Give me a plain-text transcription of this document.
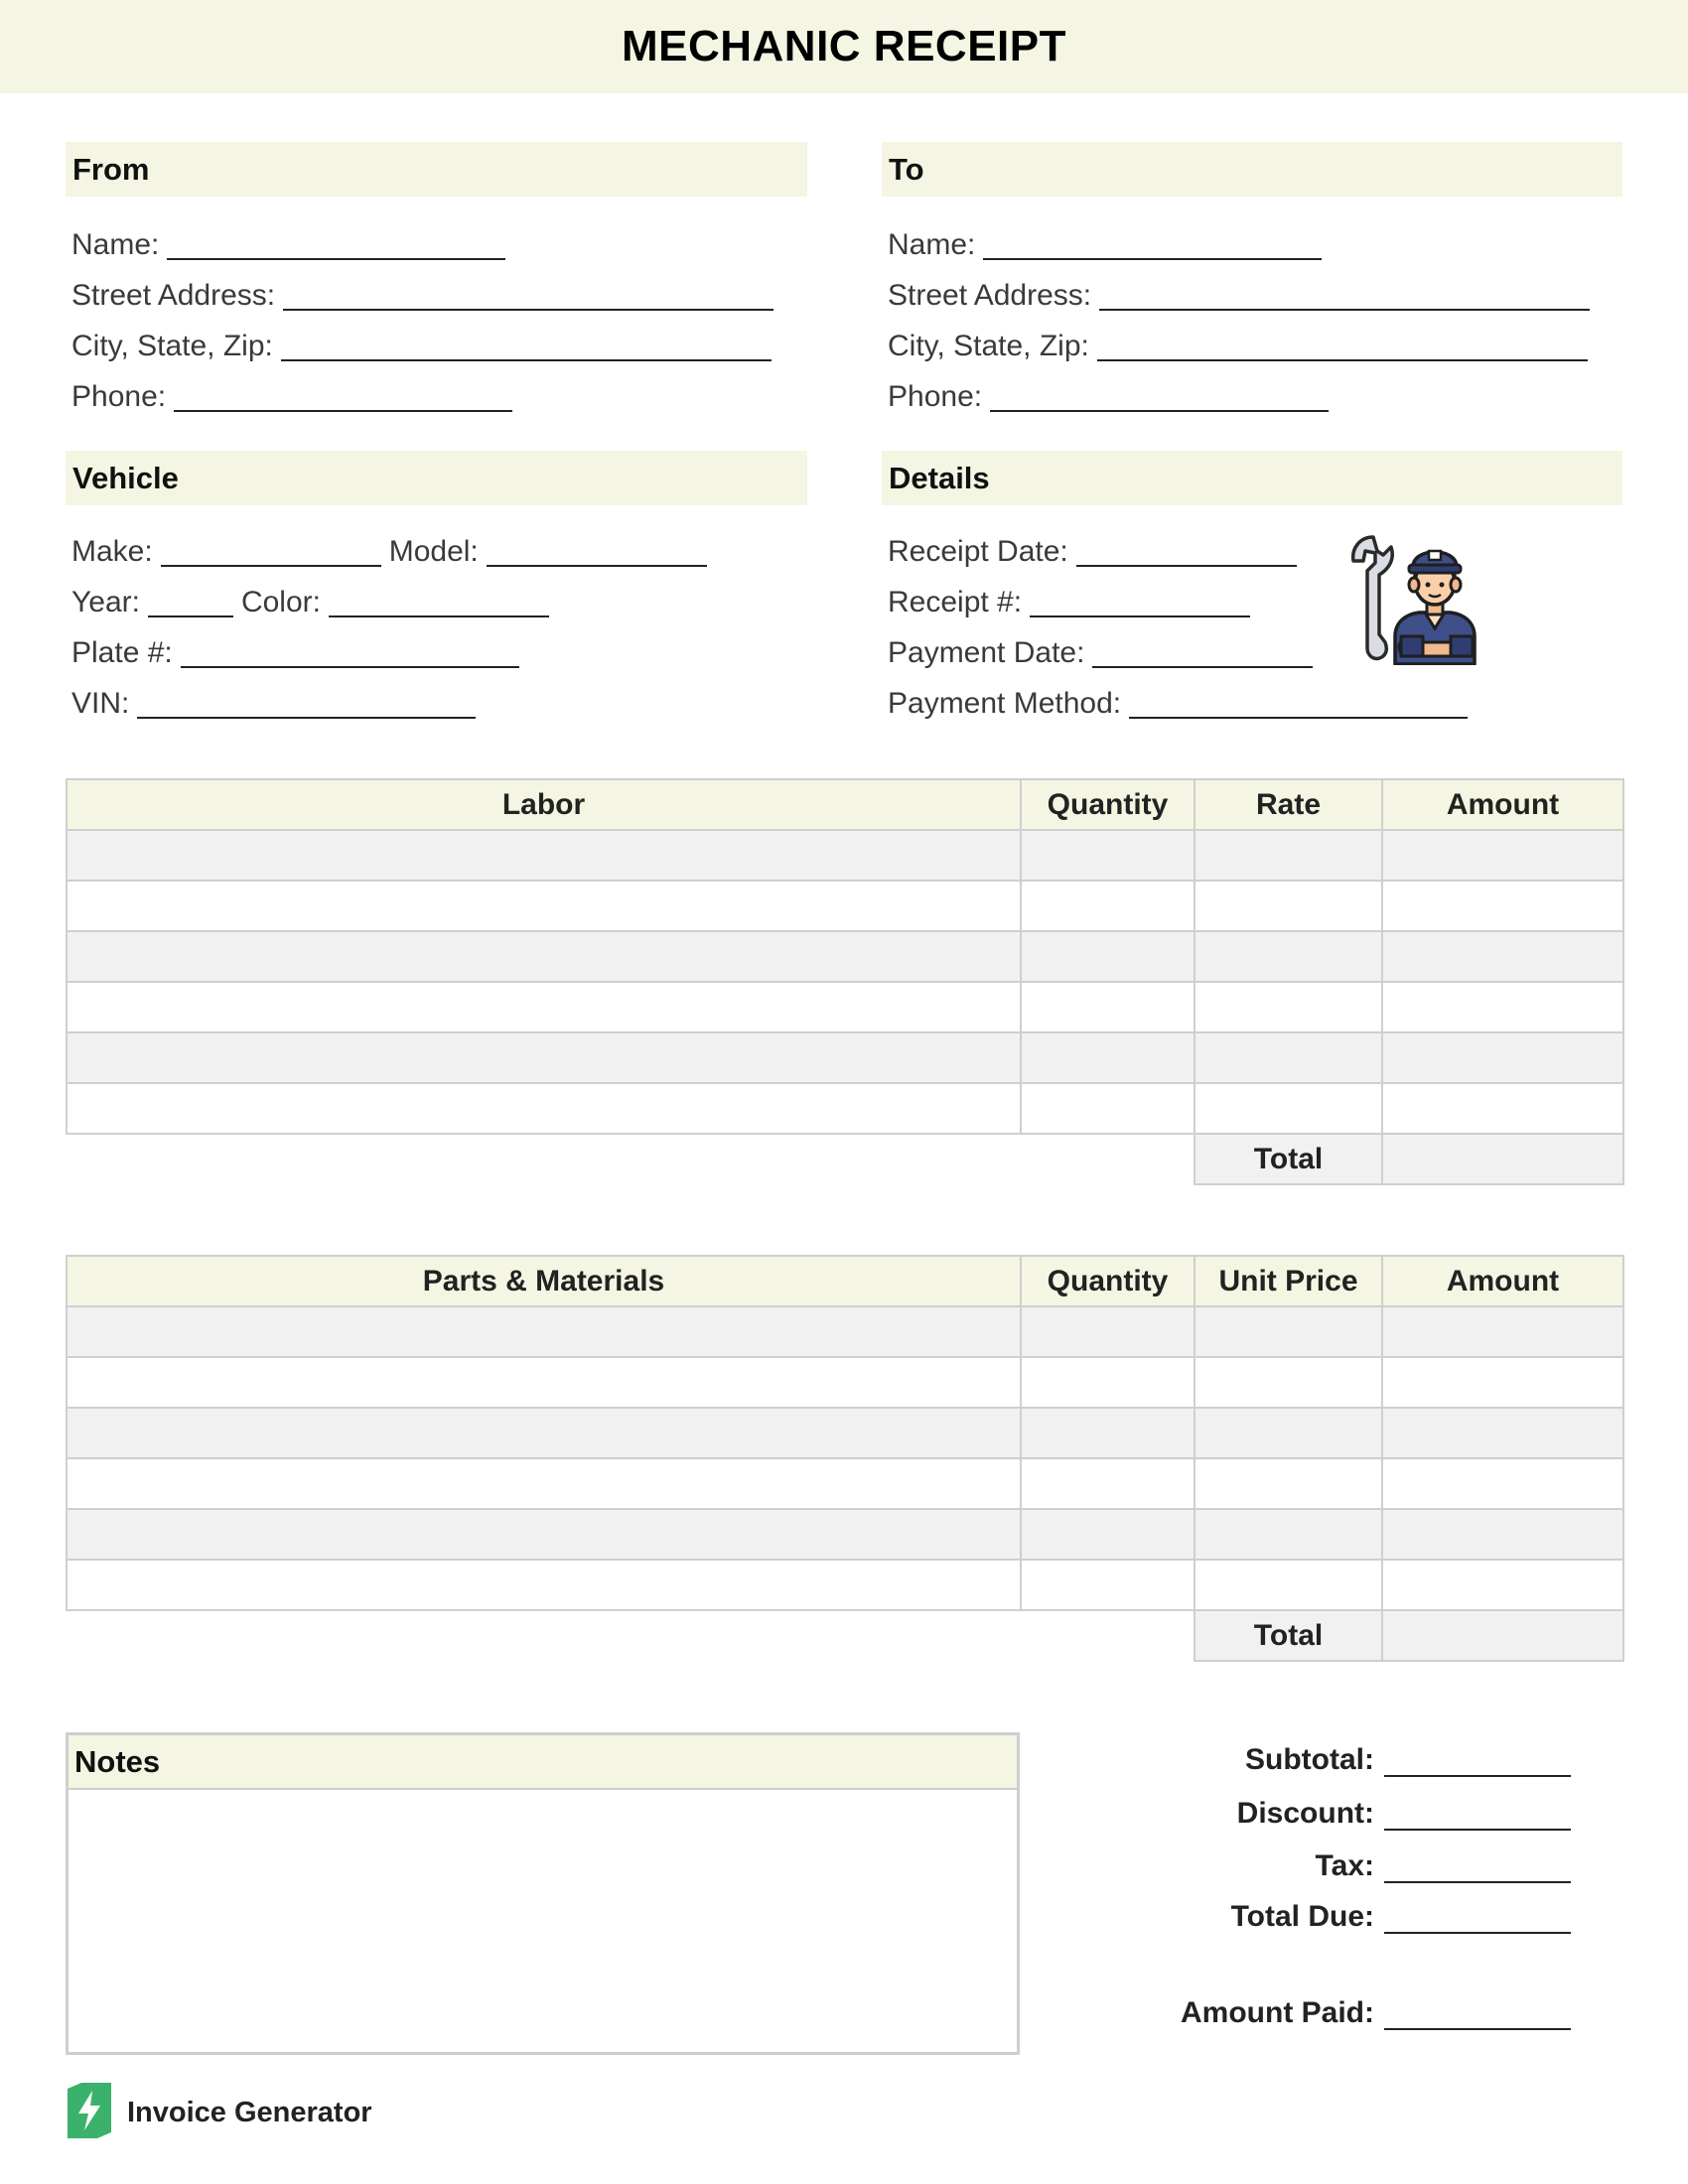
MECHANIC RECEIPT
From
Name:
Street Address:
City, State, Zip:
Phone:
To
Name:
Street Address:
City, State, Zip:
Phone:
Vehicle
Make:	Model:
Year:	Color:
Plate #:
VIN:
Details
Receipt Date:
Receipt #:
Payment Date:
Payment Method:
Labor	Quantity	Rate	Amount

		Total	
Parts & Materials	Quantity	Unit Price	Amount

		Total	
Notes	Subtotal:
Discount:
Tax:
Total Due:
Amount Paid:
Invoice Generator
